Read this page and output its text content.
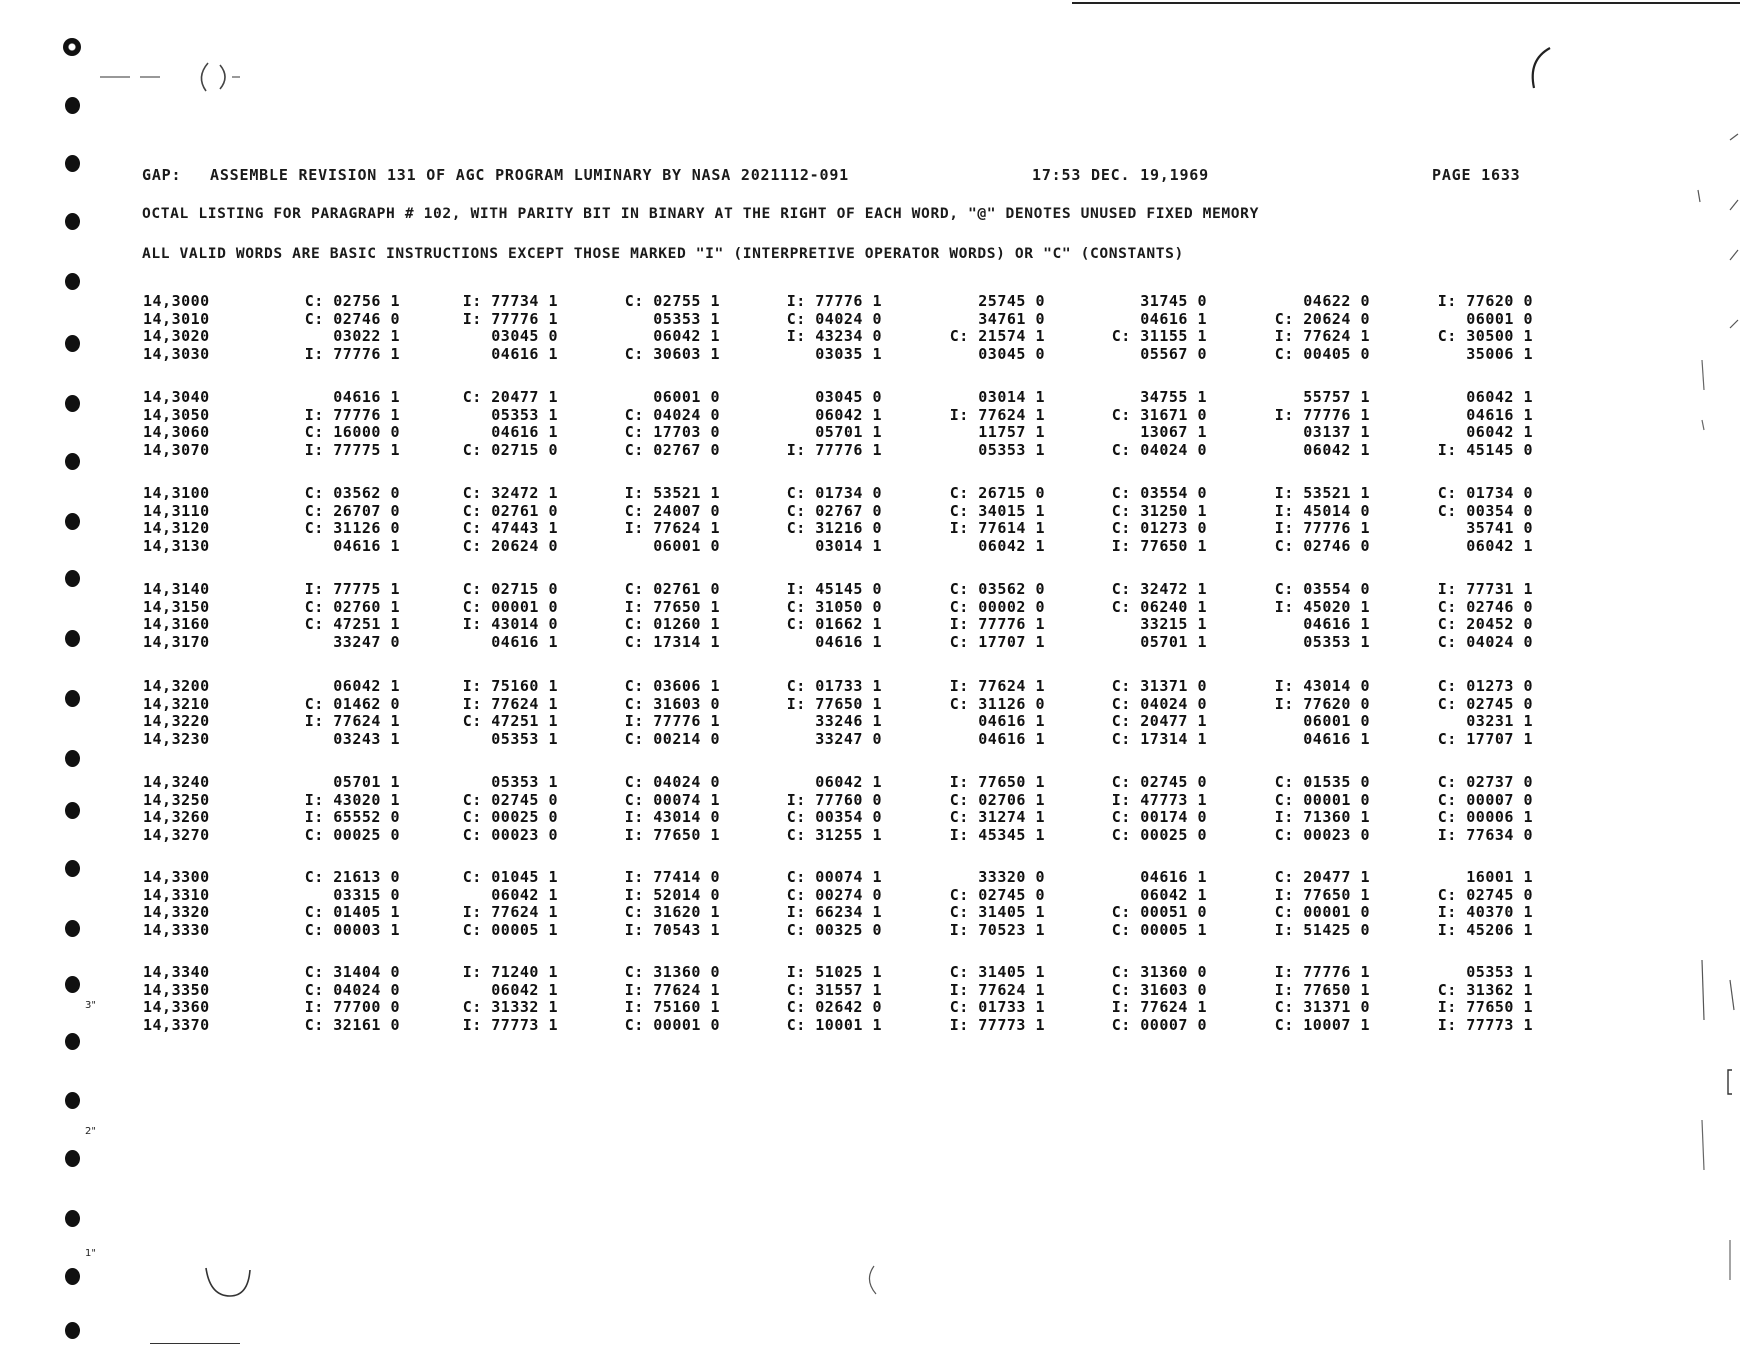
3"
2"
1"
GAP: ASSEMBLE REVISION 131 OF AGC PROGRAM LUMINARY BY NASA 2021112-091	17:53 DEC. 19,1969	PAGE 1633
OCTAL LISTING FOR PARAGRAPH # 102, WITH PARITY BIT IN BINARY AT THE RIGHT OF EACH WORD, "@" DENOTES UNUSED FIXED MEMORY
ALL VALID WORDS ARE BASIC INSTRUCTIONS EXCEPT THOSE MARKED "I" (INTERPRETIVE OPERATOR WORDS) OR "C" (CONSTANTS)
14,3000	C: 02756 1	I: 77734 1	C: 02755 1	I: 77776 1	25745 0	31745 0	04622 0	I: 77620 0
14,3010	C: 02746 0	I: 77776 1	05353 1	C: 04024 0	34761 0	04616 1	C: 20624 0	06001 0
14,3020	03022 1	03045 0	06042 1	I: 43234 0	C: 21574 1	C: 31155 1	I: 77624 1	C: 30500 1
14,3030	I: 77776 1	04616 1	C: 30603 1	03035 1	03045 0	05567 0	C: 00405 0	35006 1
14,3040	04616 1	C: 20477 1	06001 0	03045 0	03014 1	34755 1	55757 1	06042 1
14,3050	I: 77776 1	05353 1	C: 04024 0	06042 1	I: 77624 1	C: 31671 0	I: 77776 1	04616 1
14,3060	C: 16000 0	04616 1	C: 17703 0	05701 1	11757 1	13067 1	03137 1	06042 1
14,3070	I: 77775 1	C: 02715 0	C: 02767 0	I: 77776 1	05353 1	C: 04024 0	06042 1	I: 45145 0
14,3100	C: 03562 0	C: 32472 1	I: 53521 1	C: 01734 0	C: 26715 0	C: 03554 0	I: 53521 1	C: 01734 0
14,3110	C: 26707 0	C: 02761 0	C: 24007 0	C: 02767 0	C: 34015 1	C: 31250 1	I: 45014 0	C: 00354 0
14,3120	C: 31126 0	C: 47443 1	I: 77624 1	C: 31216 0	I: 77614 1	C: 01273 0	I: 77776 1	35741 0
14,3130	04616 1	C: 20624 0	06001 0	03014 1	06042 1	I: 77650 1	C: 02746 0	06042 1
14,3140	I: 77775 1	C: 02715 0	C: 02761 0	I: 45145 0	C: 03562 0	C: 32472 1	C: 03554 0	I: 77731 1
14,3150	C: 02760 1	C: 00001 0	I: 77650 1	C: 31050 0	C: 00002 0	C: 06240 1	I: 45020 1	C: 02746 0
14,3160	C: 47251 1	I: 43014 0	C: 01260 1	C: 01662 1	I: 77776 1	33215 1	04616 1	C: 20452 0
14,3170	33247 0	04616 1	C: 17314 1	04616 1	C: 17707 1	05701 1	05353 1	C: 04024 0
14,3200	06042 1	I: 75160 1	C: 03606 1	C: 01733 1	I: 77624 1	C: 31371 0	I: 43014 0	C: 01273 0
14,3210	C: 01462 0	I: 77624 1	C: 31603 0	I: 77650 1	C: 31126 0	C: 04024 0	I: 77620 0	C: 02745 0
14,3220	I: 77624 1	C: 47251 1	I: 77776 1	33246 1	04616 1	C: 20477 1	06001 0	03231 1
14,3230	03243 1	05353 1	C: 00214 0	33247 0	04616 1	C: 17314 1	04616 1	C: 17707 1
14,3240	05701 1	05353 1	C: 04024 0	06042 1	I: 77650 1	C: 02745 0	C: 01535 0	C: 02737 0
14,3250	I: 43020 1	C: 02745 0	C: 00074 1	I: 77760 0	C: 02706 1	I: 47773 1	C: 00001 0	C: 00007 0
14,3260	I: 65552 0	C: 00025 0	I: 43014 0	C: 00354 0	C: 31274 1	C: 00174 0	I: 71360 1	C: 00006 1
14,3270	C: 00025 0	C: 00023 0	I: 77650 1	C: 31255 1	I: 45345 1	C: 00025 0	C: 00023 0	I: 77634 0
14,3300	C: 21613 0	C: 01045 1	I: 77414 0	C: 00074 1	33320 0	04616 1	C: 20477 1	16001 1
14,3310	03315 0	06042 1	I: 52014 0	C: 00274 0	C: 02745 0	06042 1	I: 77650 1	C: 02745 0
14,3320	C: 01405 1	I: 77624 1	C: 31620 1	I: 66234 1	C: 31405 1	C: 00051 0	C: 00001 0	I: 40370 1
14,3330	C: 00003 1	C: 00005 1	I: 70543 1	C: 00325 0	I: 70523 1	C: 00005 1	I: 51425 0	I: 45206 1
14,3340	C: 31404 0	I: 71240 1	C: 31360 0	I: 51025 1	C: 31405 1	C: 31360 0	I: 77776 1	05353 1
14,3350	C: 04024 0	06042 1	I: 77624 1	C: 31557 1	I: 77624 1	C: 31603 0	I: 77650 1	C: 31362 1
14,3360	I: 77700 0	C: 31332 1	I: 75160 1	C: 02642 0	C: 01733 1	I: 77624 1	C: 31371 0	I: 77650 1
14,3370	C: 32161 0	I: 77773 1	C: 00001 0	C: 10001 1	I: 77773 1	C: 00007 0	C: 10007 1	I: 77773 1
